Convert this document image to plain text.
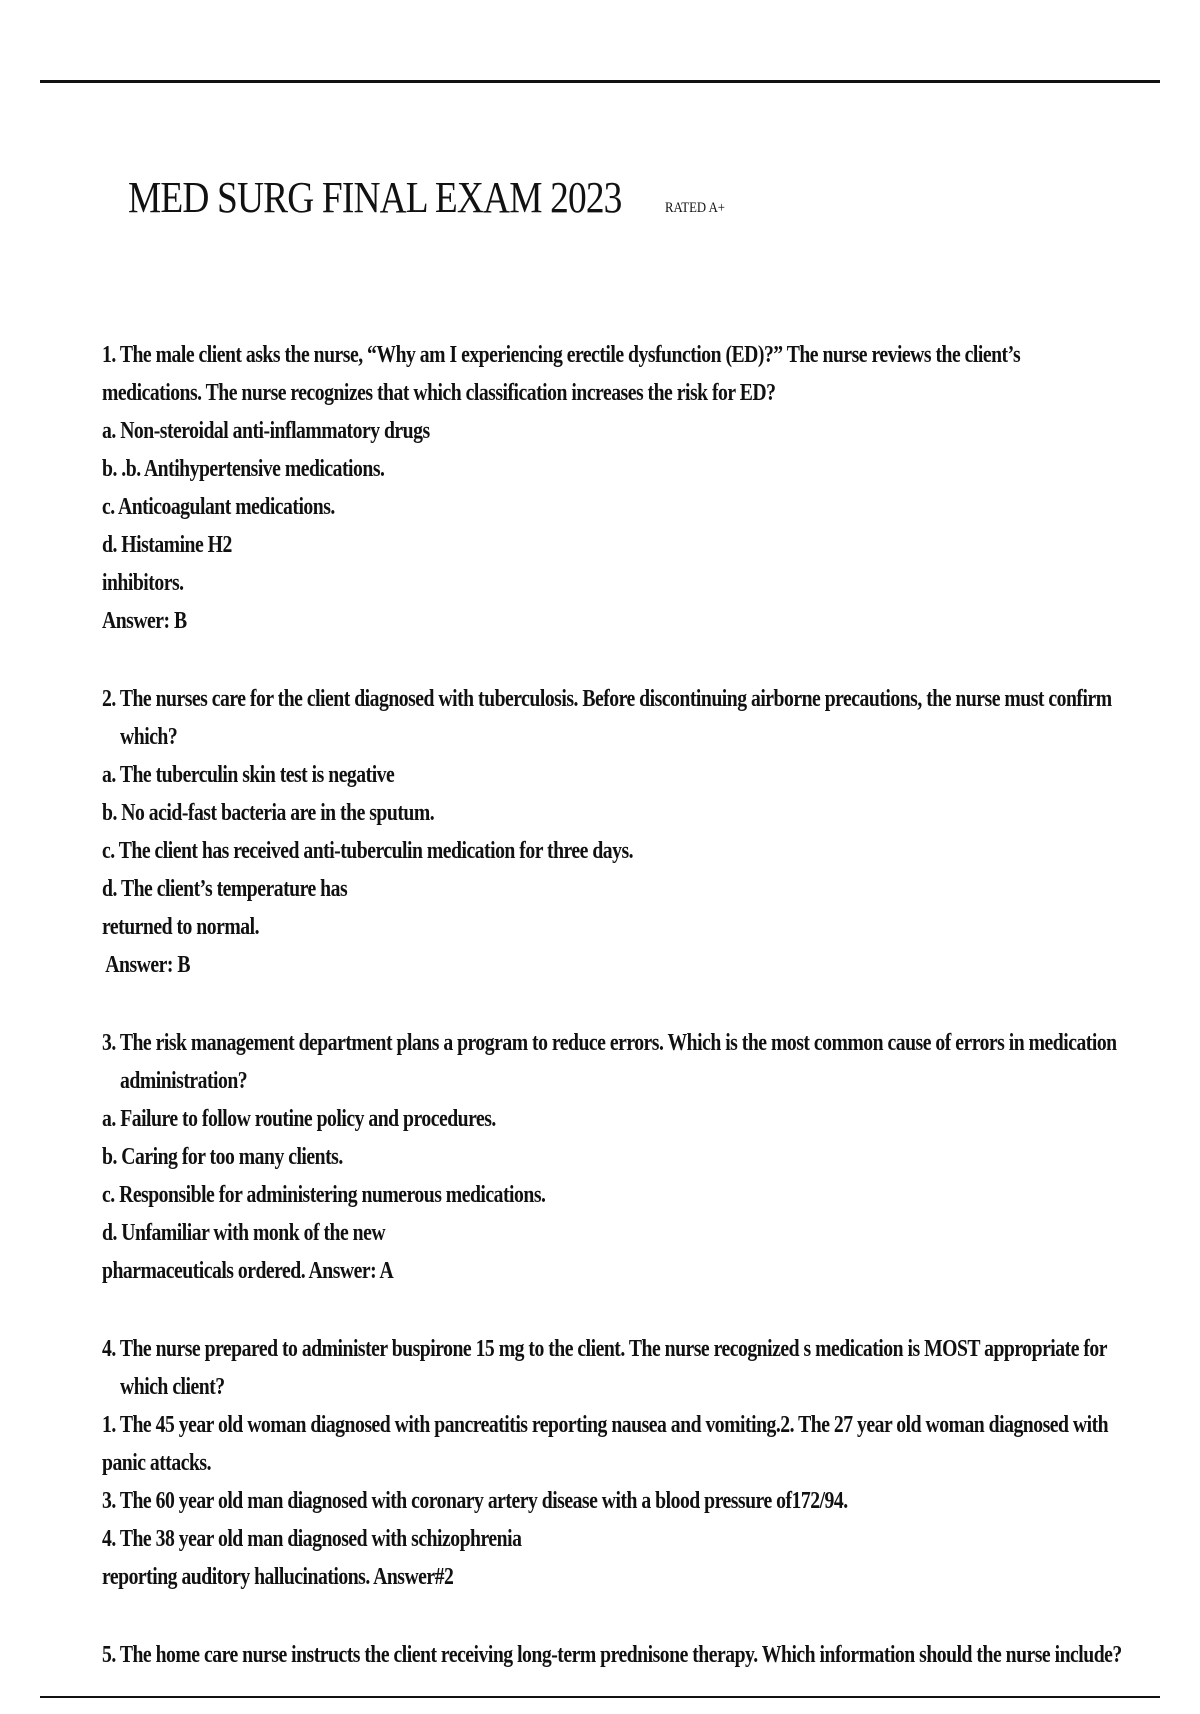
MED SURG FINAL EXAM 2023	RATED A+
1. The male client asks the nurse, “Why am I experiencing erectile dysfunction (ED)?” The nurse reviews the client’s
medications. The nurse recognizes that which classification increases the risk for ED?
a. Non-steroidal anti-inflammatory drugs
b. .b. Antihypertensive medications.
c. Anticoagulant medications.
d. Histamine H2
inhibitors.
Answer: B
2. The nurses care for the client diagnosed with tuberculosis. Before discontinuing airborne precautions, the nurse must confirm
which?
a. The tuberculin skin test is negative
b. No acid-fast bacteria are in the sputum.
c. The client has received anti-tuberculin medication for three days.
d. The client’s temperature has
returned to normal.
Answer: B
3. The risk management department plans a program to reduce errors. Which is the most common cause of errors in medication
administration?
a. Failure to follow routine policy and procedures.
b. Caring for too many clients.
c. Responsible for administering numerous medications.
d. Unfamiliar with monk of the new
pharmaceuticals ordered. Answer: A
4. The nurse prepared to administer buspirone 15 mg to the client. The nurse recognized s medication is MOST appropriate for
which client?
1. The 45 year old woman diagnosed with pancreatitis reporting nausea and vomiting.2. The 27 year old woman diagnosed with
panic attacks.
3. The 60 year old man diagnosed with coronary artery disease with a blood pressure of172/94.
4. The 38 year old man diagnosed with schizophrenia
reporting auditory hallucinations. Answer#2
5. The home care nurse instructs the client receiving long-term prednisone therapy. Which information should the nurse include?
